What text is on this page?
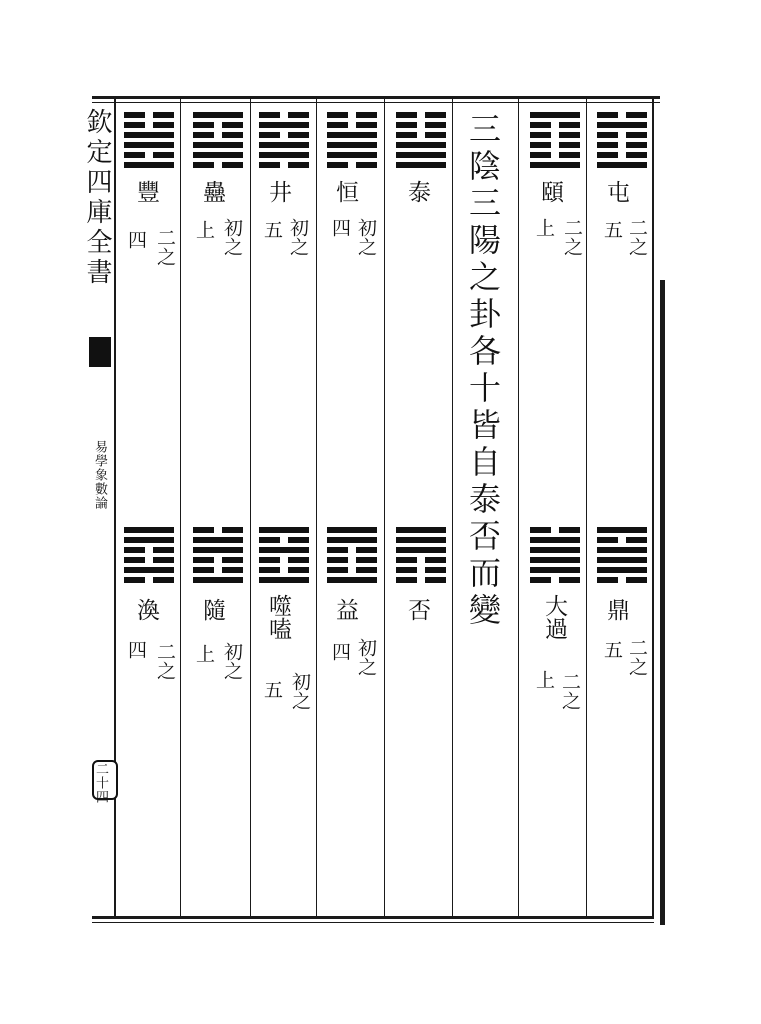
欽定四庫全書
易學象數論
二十四
三陰三陽之卦各十皆自泰否而變	屯
二之
五
鼎
二之
五
頤
二之
上
大過
二之
上
泰
否
恒
初之
四
益
初之
四
井
初之
五
噬嗑
初之
五
蠱
初之
上
隨
初之
上
豐
二之
四
渙
二之
四
